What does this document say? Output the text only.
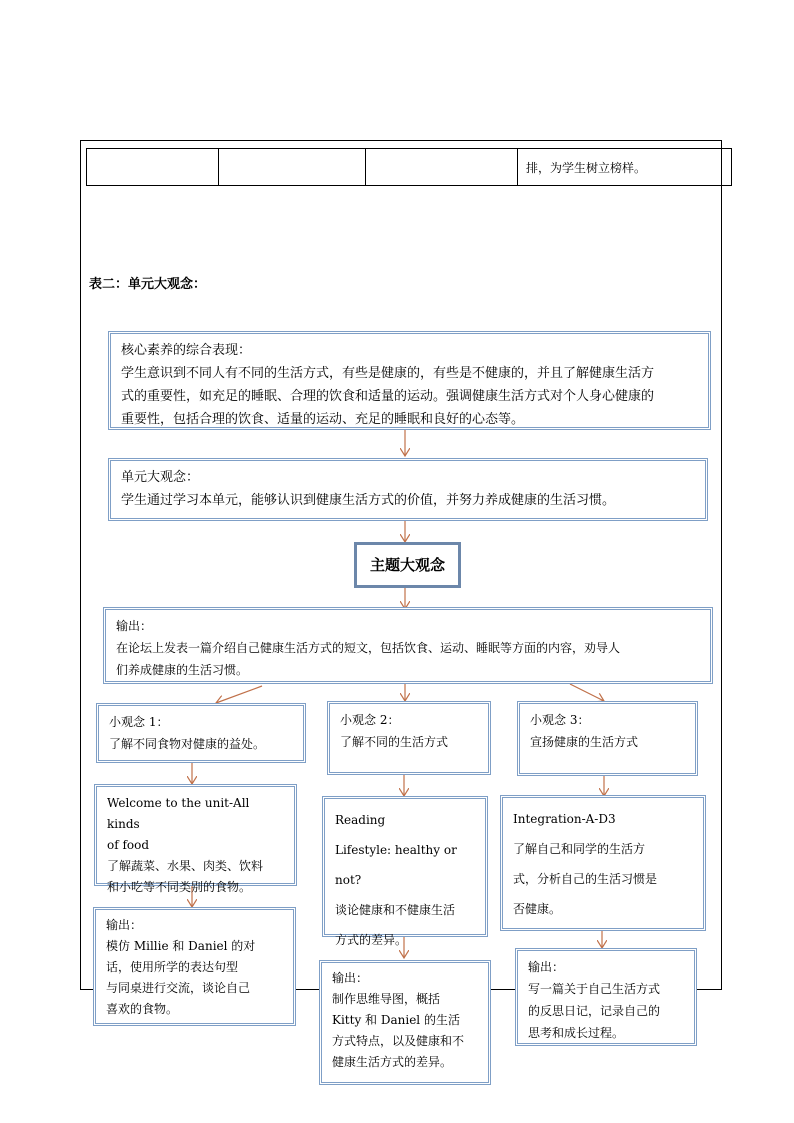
			排，为学生树立榜样。
表二：单元大观念：
核心素养的综合表现：
学生意识到不同人有不同的生活方式，有些是健康的，有些是不健康的，并且了解健康生活方
式的重要性，如充足的睡眠、合理的饮食和适量的运动。强调健康生活方式对个人身心健康的
重要性，包括合理的饮食、适量的运动、充足的睡眠和良好的心态等。
单元大观念：
学生通过学习本单元，能够认识到健康生活方式的价值，并努力养成健康的生活习惯。
主题大观念
输出：
在论坛上发表一篇介绍自己健康生活方式的短文，包括饮食、运动、睡眠等方面的内容，劝导人
们养成健康的生活习惯。
小观念 1：
了解不同食物对健康的益处。
小观念 2：
了解不同的生活方式
小观念 3：
宣扬健康的生活方式
Welcome to the unit-All kinds
of food
了解蔬菜、水果、肉类、饮料
和小吃等不同类别的食物。
Reading
Lifestyle: healthy or not?
谈论健康和不健康生活
方式的差异。
Integration-A-D3
了解自己和同学的生活方
式，分析自己的生活习惯是
否健康。
输出：
模仿 Millie 和 Daniel 的对
话，使用所学的表达句型
与同桌进行交流，谈论自己
喜欢的食物。
输出：
制作思维导图，概括
Kitty 和 Daniel 的生活
方式特点，以及健康和不
健康生活方式的差异。
输出：
写一篇关于自己生活方式
的反思日记，记录自己的
思考和成长过程。
